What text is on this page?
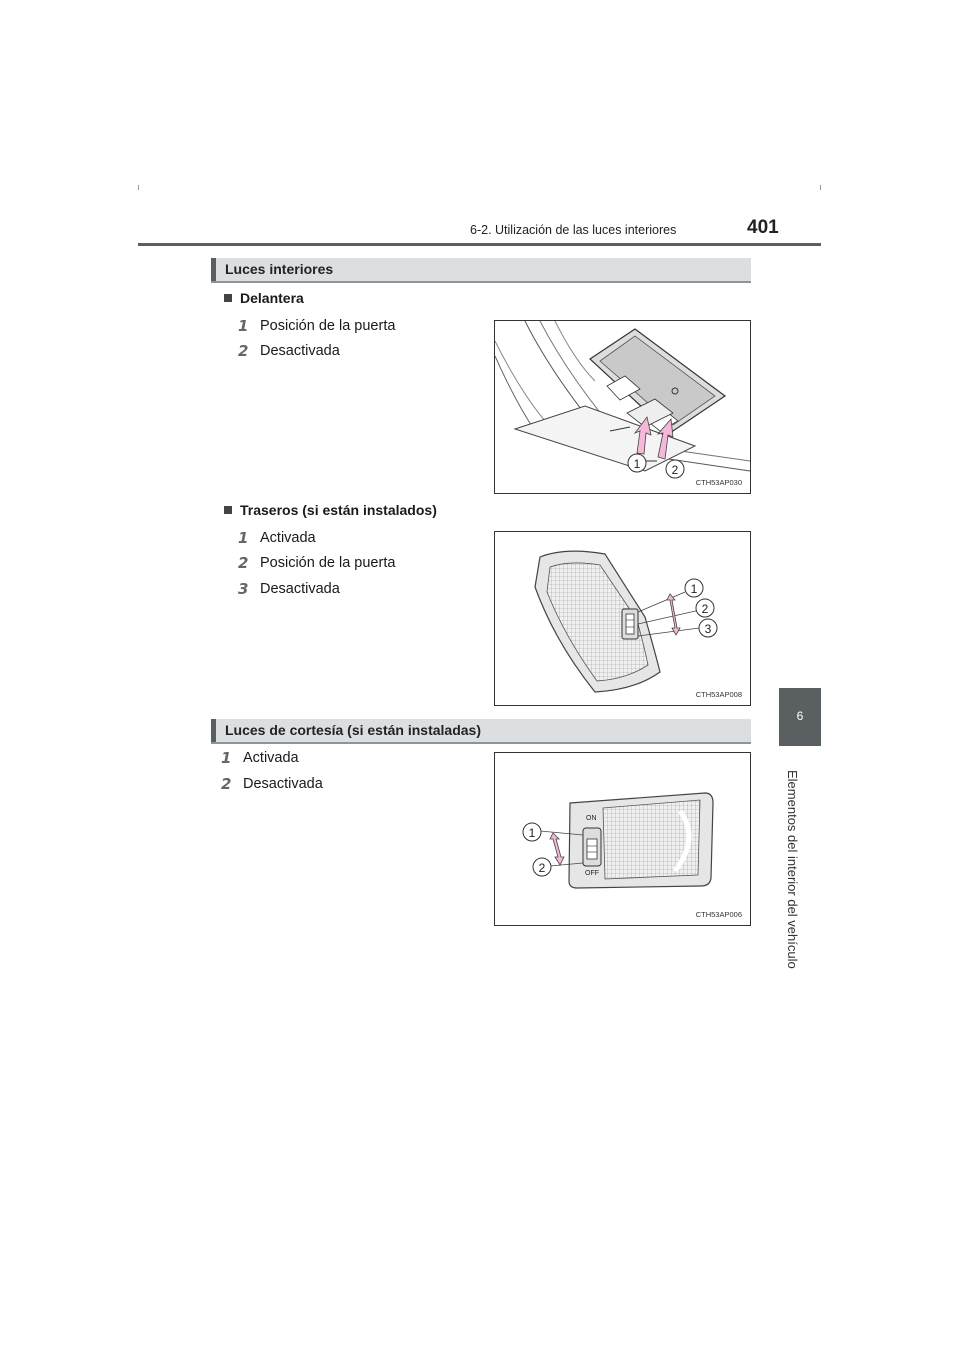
6-2. Utilización de las luces interiores	401
6
Elementos del interior del vehículo
Luces interiores
Delantera
1 Posición de la puerta
2 Desactivada
1	2
CTH53AP030
Traseros (si están instalados)
1 Activada
2 Posición de la puerta
3 Desactivada	1
2
3
CTH53AP008
Luces de cortesía (si están instaladas)
1 Activada
2 Desactivada
ON
OFF
1
2
CTH53AP006
